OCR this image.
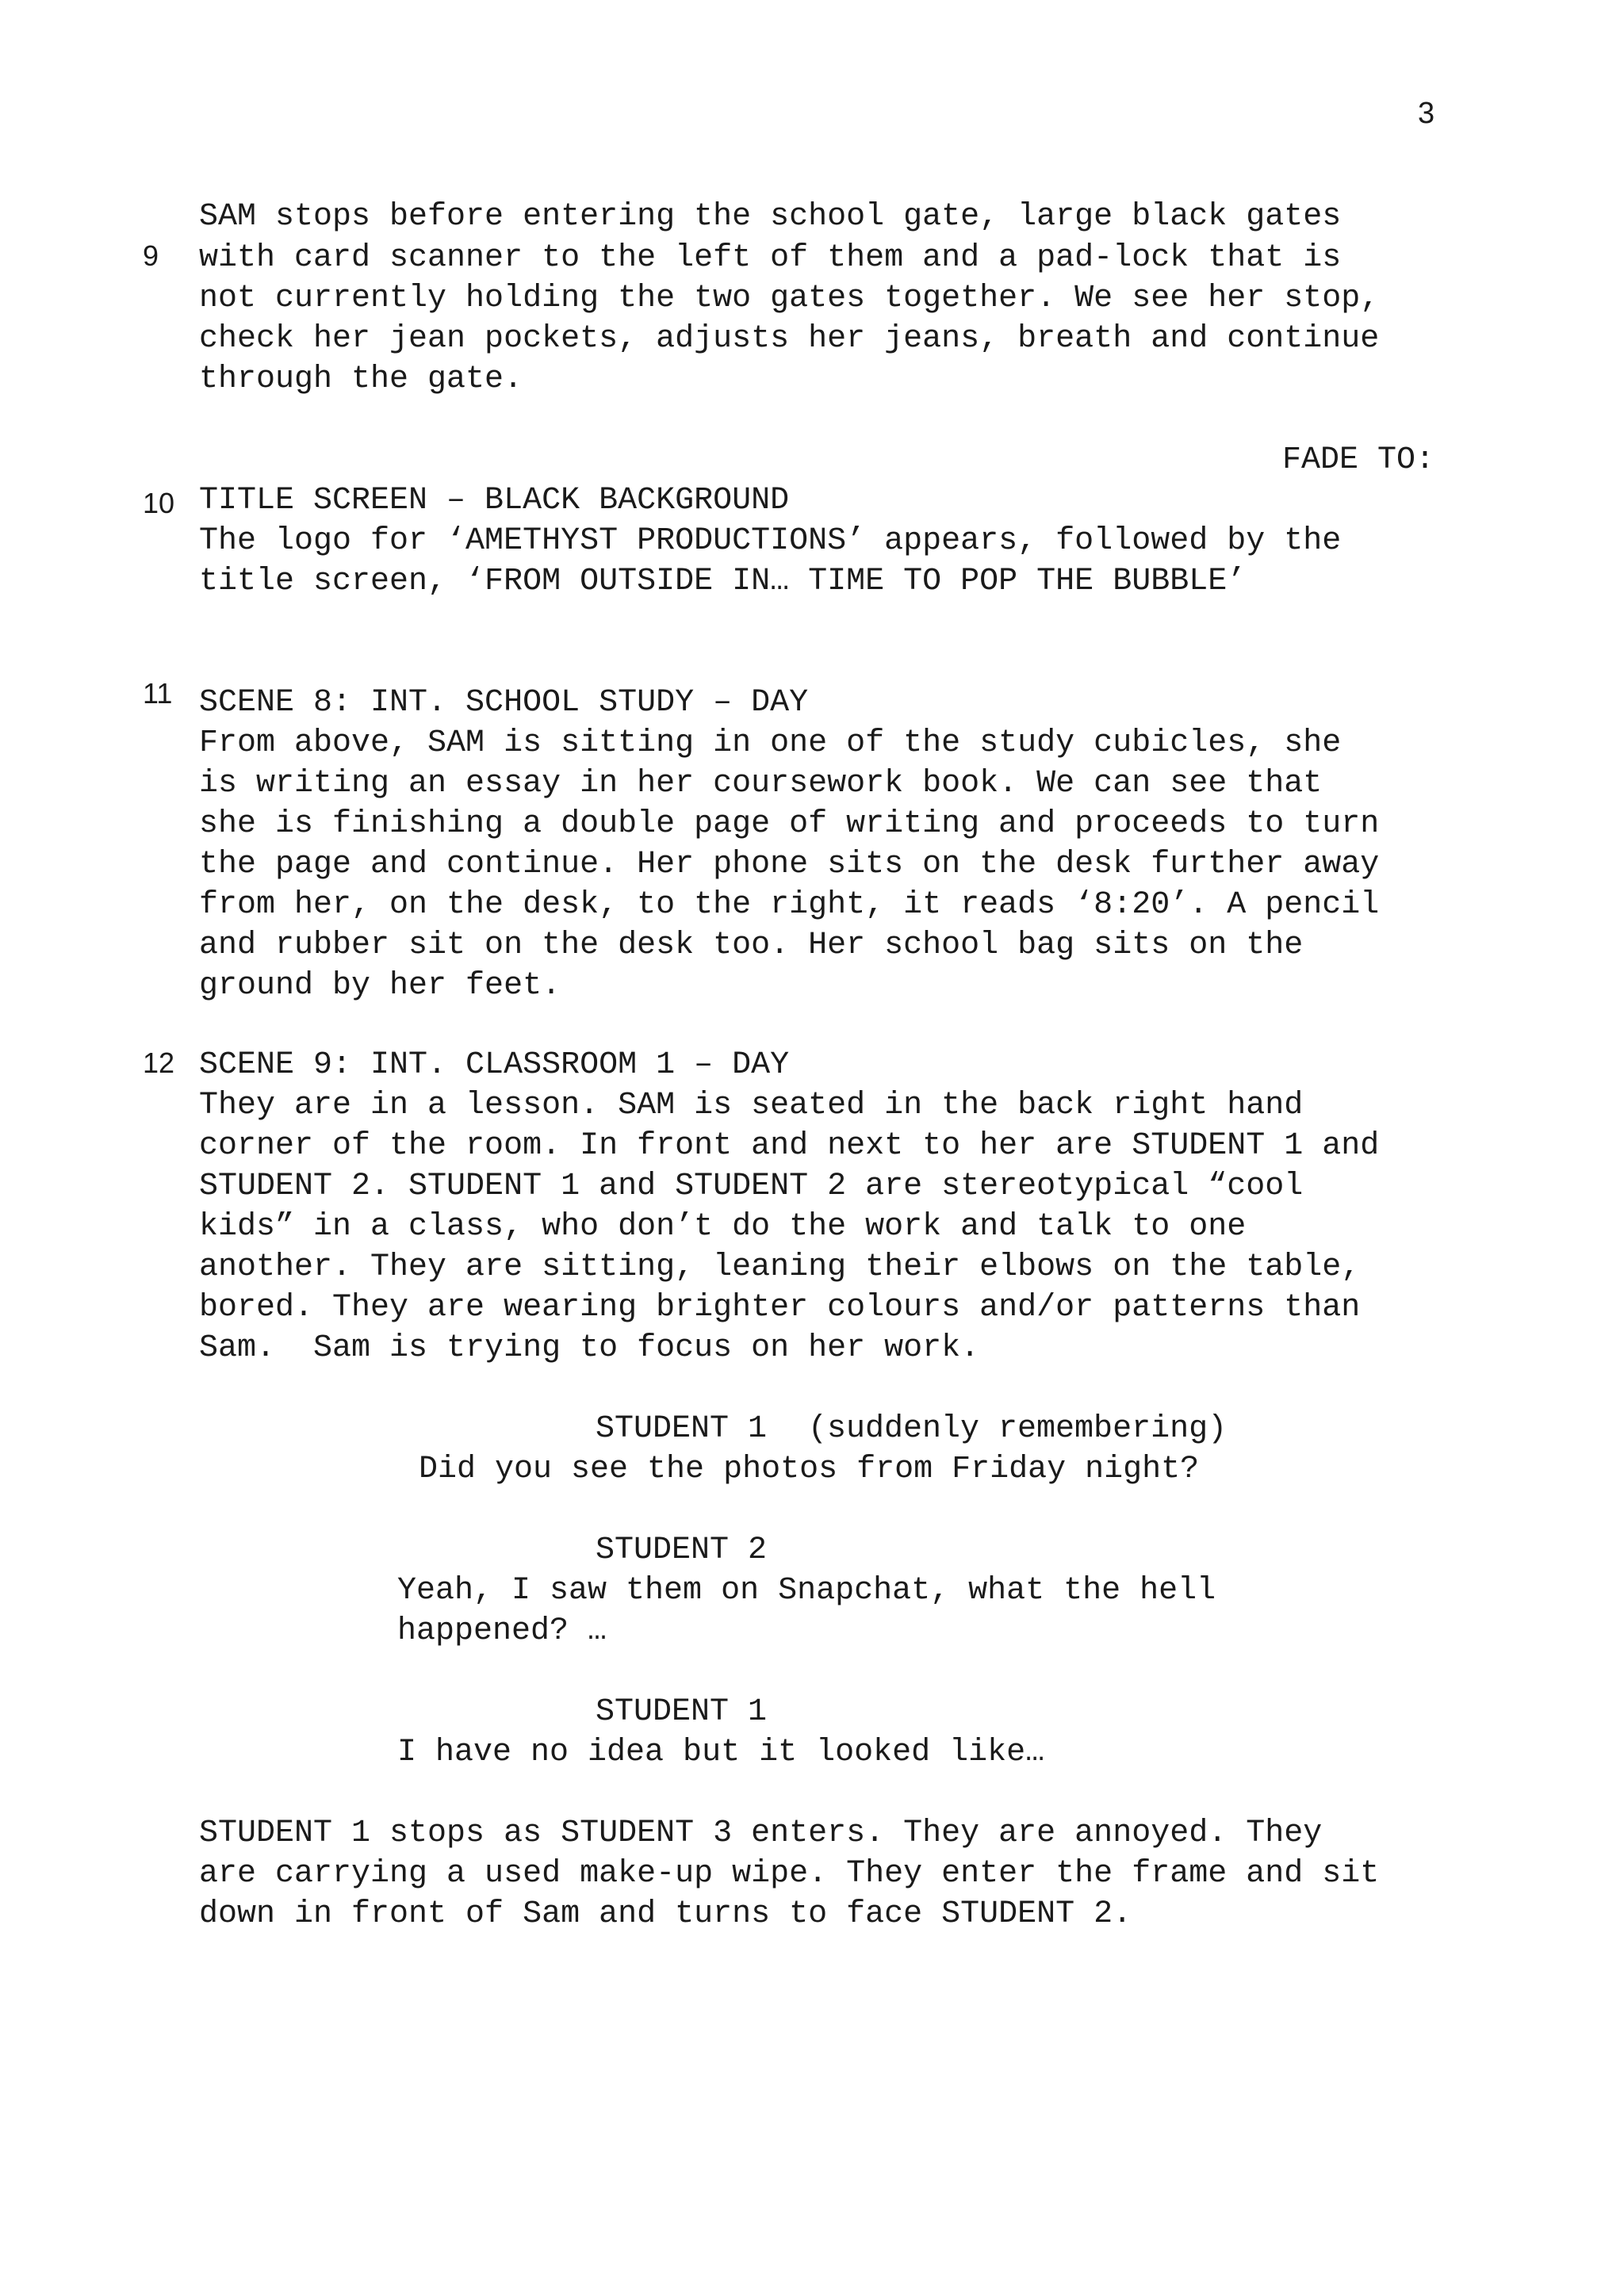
3
9

SAM stops before entering the school gate, large black gates

with card scanner to the left of them and a pad-lock that is

not currently holding the two gates together. We see her stop,

check her jean pockets, adjusts her jeans, breath and continue

through the gate.

FADE TO:

10 TITLE SCREEN – BLACK BACKGROUND

The logo for ‘AMETHYST PRODUCTIONS’ appears, followed by the

title screen, ‘FROM OUTSIDE IN… TIME TO POP THE BUBBLE’

11 SCENE 8: INT. SCHOOL STUDY – DAY

From above, SAM is sitting in one of the study cubicles, she

is writing an essay in her coursework book. We can see that

she is finishing a double page of writing and proceeds to turn

the page and continue. Her phone sits on the desk further away

from her, on the desk, to the right, it reads ‘8:20’. A pencil

and rubber sit on the desk too. Her school bag sits on the

ground by her feet.

12 SCENE 9: INT. CLASSROOM 1 – DAY

They are in a lesson. SAM is seated in the back right hand

corner of the room. In front and next to her are STUDENT 1 and

STUDENT 2. STUDENT 1 and STUDENT 2 are stereotypical “cool

kids” in a class, who don’t do the work and talk to one

another. They are sitting, leaning their elbows on the table,

bored. They are wearing brighter colours and/or patterns than

Sam.  Sam is trying to focus on her work.

STUDENT 1 (suddenly remembering)

Did you see the photos from Friday night?

STUDENT 2

Yeah, I saw them on Snapchat, what the hell

happened? …

STUDENT 1

I have no idea but it looked like…

STUDENT 1 stops as STUDENT 3 enters. They are annoyed. They

are carrying a used make-up wipe. They enter the frame and sit

down in front of Sam and turns to face STUDENT 2.
